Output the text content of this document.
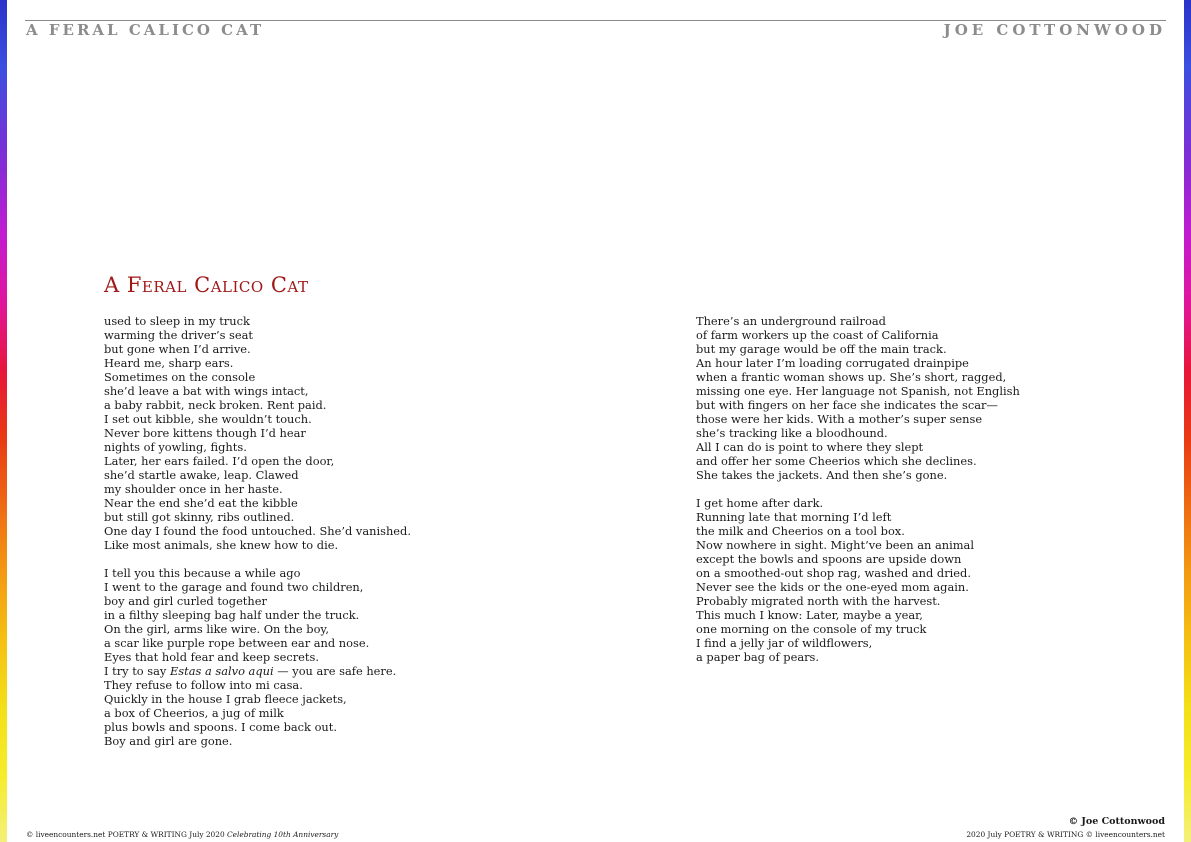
A FERAL CALICO CAT	JOE COTTONWOOD
A Feral Calico Cat
used to sleep in my truck
warming the driver’s seat
but gone when I’d arrive.
Heard me, sharp ears.
Sometimes on the console
she’d leave a bat with wings intact,
a baby rabbit, neck broken. Rent paid.
I set out kibble, she wouldn’t touch.
Never bore kittens though I’d hear
nights of yowling, fights.
Later, her ears failed. I’d open the door,
she’d startle awake, leap. Clawed
my shoulder once in her haste.
Near the end she’d eat the kibble
but still got skinny, ribs outlined.
One day I found the food untouched. She’d vanished.
Like most animals, she knew how to die.
I tell you this because a while ago
I went to the garage and found two children,
boy and girl curled together
in a filthy sleeping bag half under the truck.
On the girl, arms like wire. On the boy,
a scar like purple rope between ear and nose.
Eyes that hold fear and keep secrets.
I try to say Estas a salvo aqui — you are safe here.
They refuse to follow into mi casa.
Quickly in the house I grab fleece jackets,
a box of Cheerios, a jug of milk
plus bowls and spoons. I come back out.
Boy and girl are gone.
There’s an underground railroad
of farm workers up the coast of California
but my garage would be off the main track.
An hour later I’m loading corrugated drainpipe
when a frantic woman shows up. She’s short, ragged,
missing one eye. Her language not Spanish, not English
but with fingers on her face she indicates the scar—
those were her kids. With a mother’s super sense
she’s tracking like a bloodhound.
All I can do is point to where they slept
and offer her some Cheerios which she declines.
She takes the jackets. And then she’s gone.
I get home after dark.
Running late that morning I’d left
the milk and Cheerios on a tool box.
Now nowhere in sight. Might’ve been an animal
except the bowls and spoons are upside down
on a smoothed-out shop rag, washed and dried.
Never see the kids or the one-eyed mom again.
Probably migrated north with the harvest.
This much I know: Later, maybe a year,
one morning on the console of my truck
I find a jelly jar of wildflowers,
a paper bag of pears.
© liveencounters.net POETRY & WRITING July 2020 Celebrating 10th Anniversary
© Joe Cottonwood
2020 July POETRY & WRITING © liveencounters.net
